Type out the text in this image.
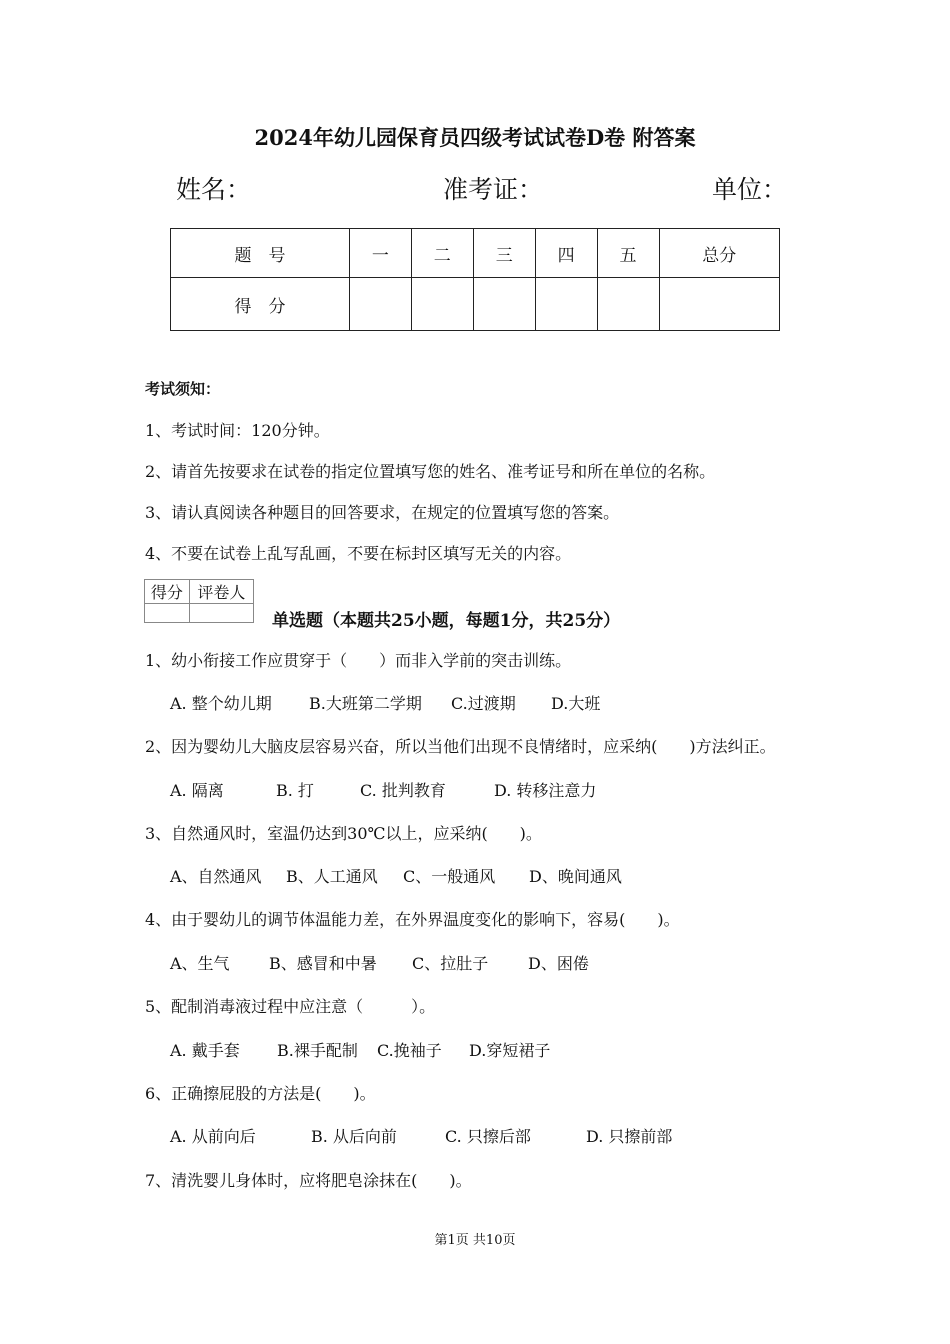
2024年幼儿园保育员四级考试试卷D卷 附答案
姓名：	准考证：	单位：
题　号	一	二	三	四	五	总分
得　分						
考试须知：
1、考试时间：120分钟。
2、请首先按要求在试卷的指定位置填写您的姓名、准考证号和所在单位的名称。
3、请认真阅读各种题目的回答要求，在规定的位置填写您的答案。
4、不要在试卷上乱写乱画，不要在标封区填写无关的内容。
得分	评卷人

单选题（本题共25小题，每题1分，共25分）
1、幼小衔接工作应贯穿于（　　）而非入学前的突击训练。
A. 整个幼儿期 B.大班第二学期 C.过渡期 D.大班
2、因为婴幼儿大脑皮层容易兴奋，所以当他们出现不良情绪时，应采纳(　　)方法纠正。
A. 隔离	B. 打	C. 批判教育	D. 转移注意力
3、自然通风时，室温仍达到30℃以上，应采纳(　　)。
A、自然通风 B、人工通风 C、一般通风 D、晚间通风
4、由于婴幼儿的调节体温能力差，在外界温度变化的影响下，容易(　　)。
A、生气 B、感冒和中暑 C、拉肚子 D、困倦
5、配制消毒液过程中应注意（　　　）。
A. 戴手套 B.裸手配制 C.挽袖子 D.穿短裙子
6、正确擦屁股的方法是(　　)。
A. 从前向后	B. 从后向前	C. 只擦后部	D. 只擦前部
7、清洗婴儿身体时，应将肥皂涂抹在(　　)。
第1页 共10页
